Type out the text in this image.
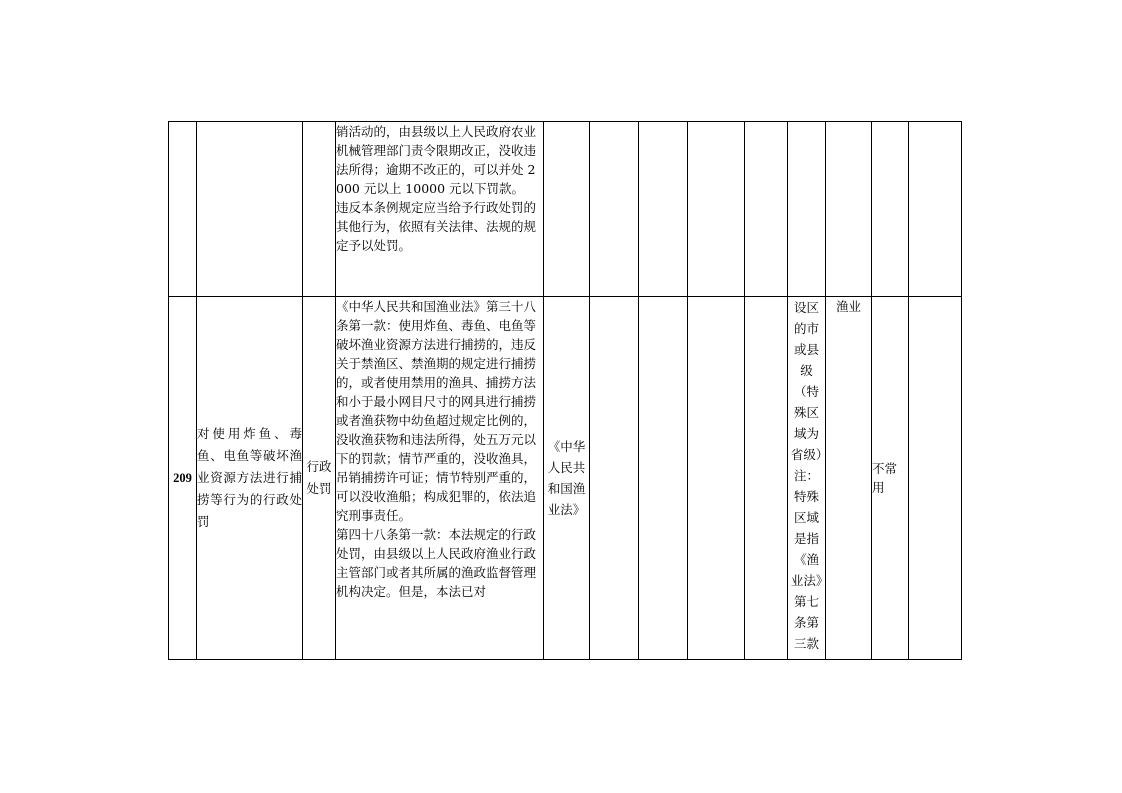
			销活动的，由县级以上人民政府农业机械管理部门责令限期改正，没收违法所得；逾期不改正的，可以并处 2000 元以上 10000 元以下罚款。

违反本条例规定应当给予行政处罚的其他行为，依照有关法律、法规的规定予以处罚。									

209	对使用炸鱼、毒鱼、电鱼等破坏渔业资源方法进行捕捞等行为的行政处罚	行政处罚	《中华人民共和国渔业法》第三十八条第一款：使用炸鱼、毒鱼、电鱼等破坏渔业资源方法进行捕捞的，违反关于禁渔区、禁渔期的规定进行捕捞的，或者使用禁用的渔具、捕捞方法和小于最小网目尺寸的网具进行捕捞或者渔获物中幼鱼超过规定比例的，没收渔获物和违法所得，处五万元以下的罚款；情节严重的，没收渔具，吊销捕捞许可证；情节特别严重的，可以没收渔船；构成犯罪的，依法追究刑事责任。

第四十八条第一款：本法规定的行政处罚，由县级以上人民政府渔业行政主管部门或者其所属的渔政监督管理机构决定。但是，本法已对	《中华人民共和国渔业法》					设区的市或县级（特殊区域为省级）注：特殊区域是指《渔业法》第七条第三款	渔业	不常用	
